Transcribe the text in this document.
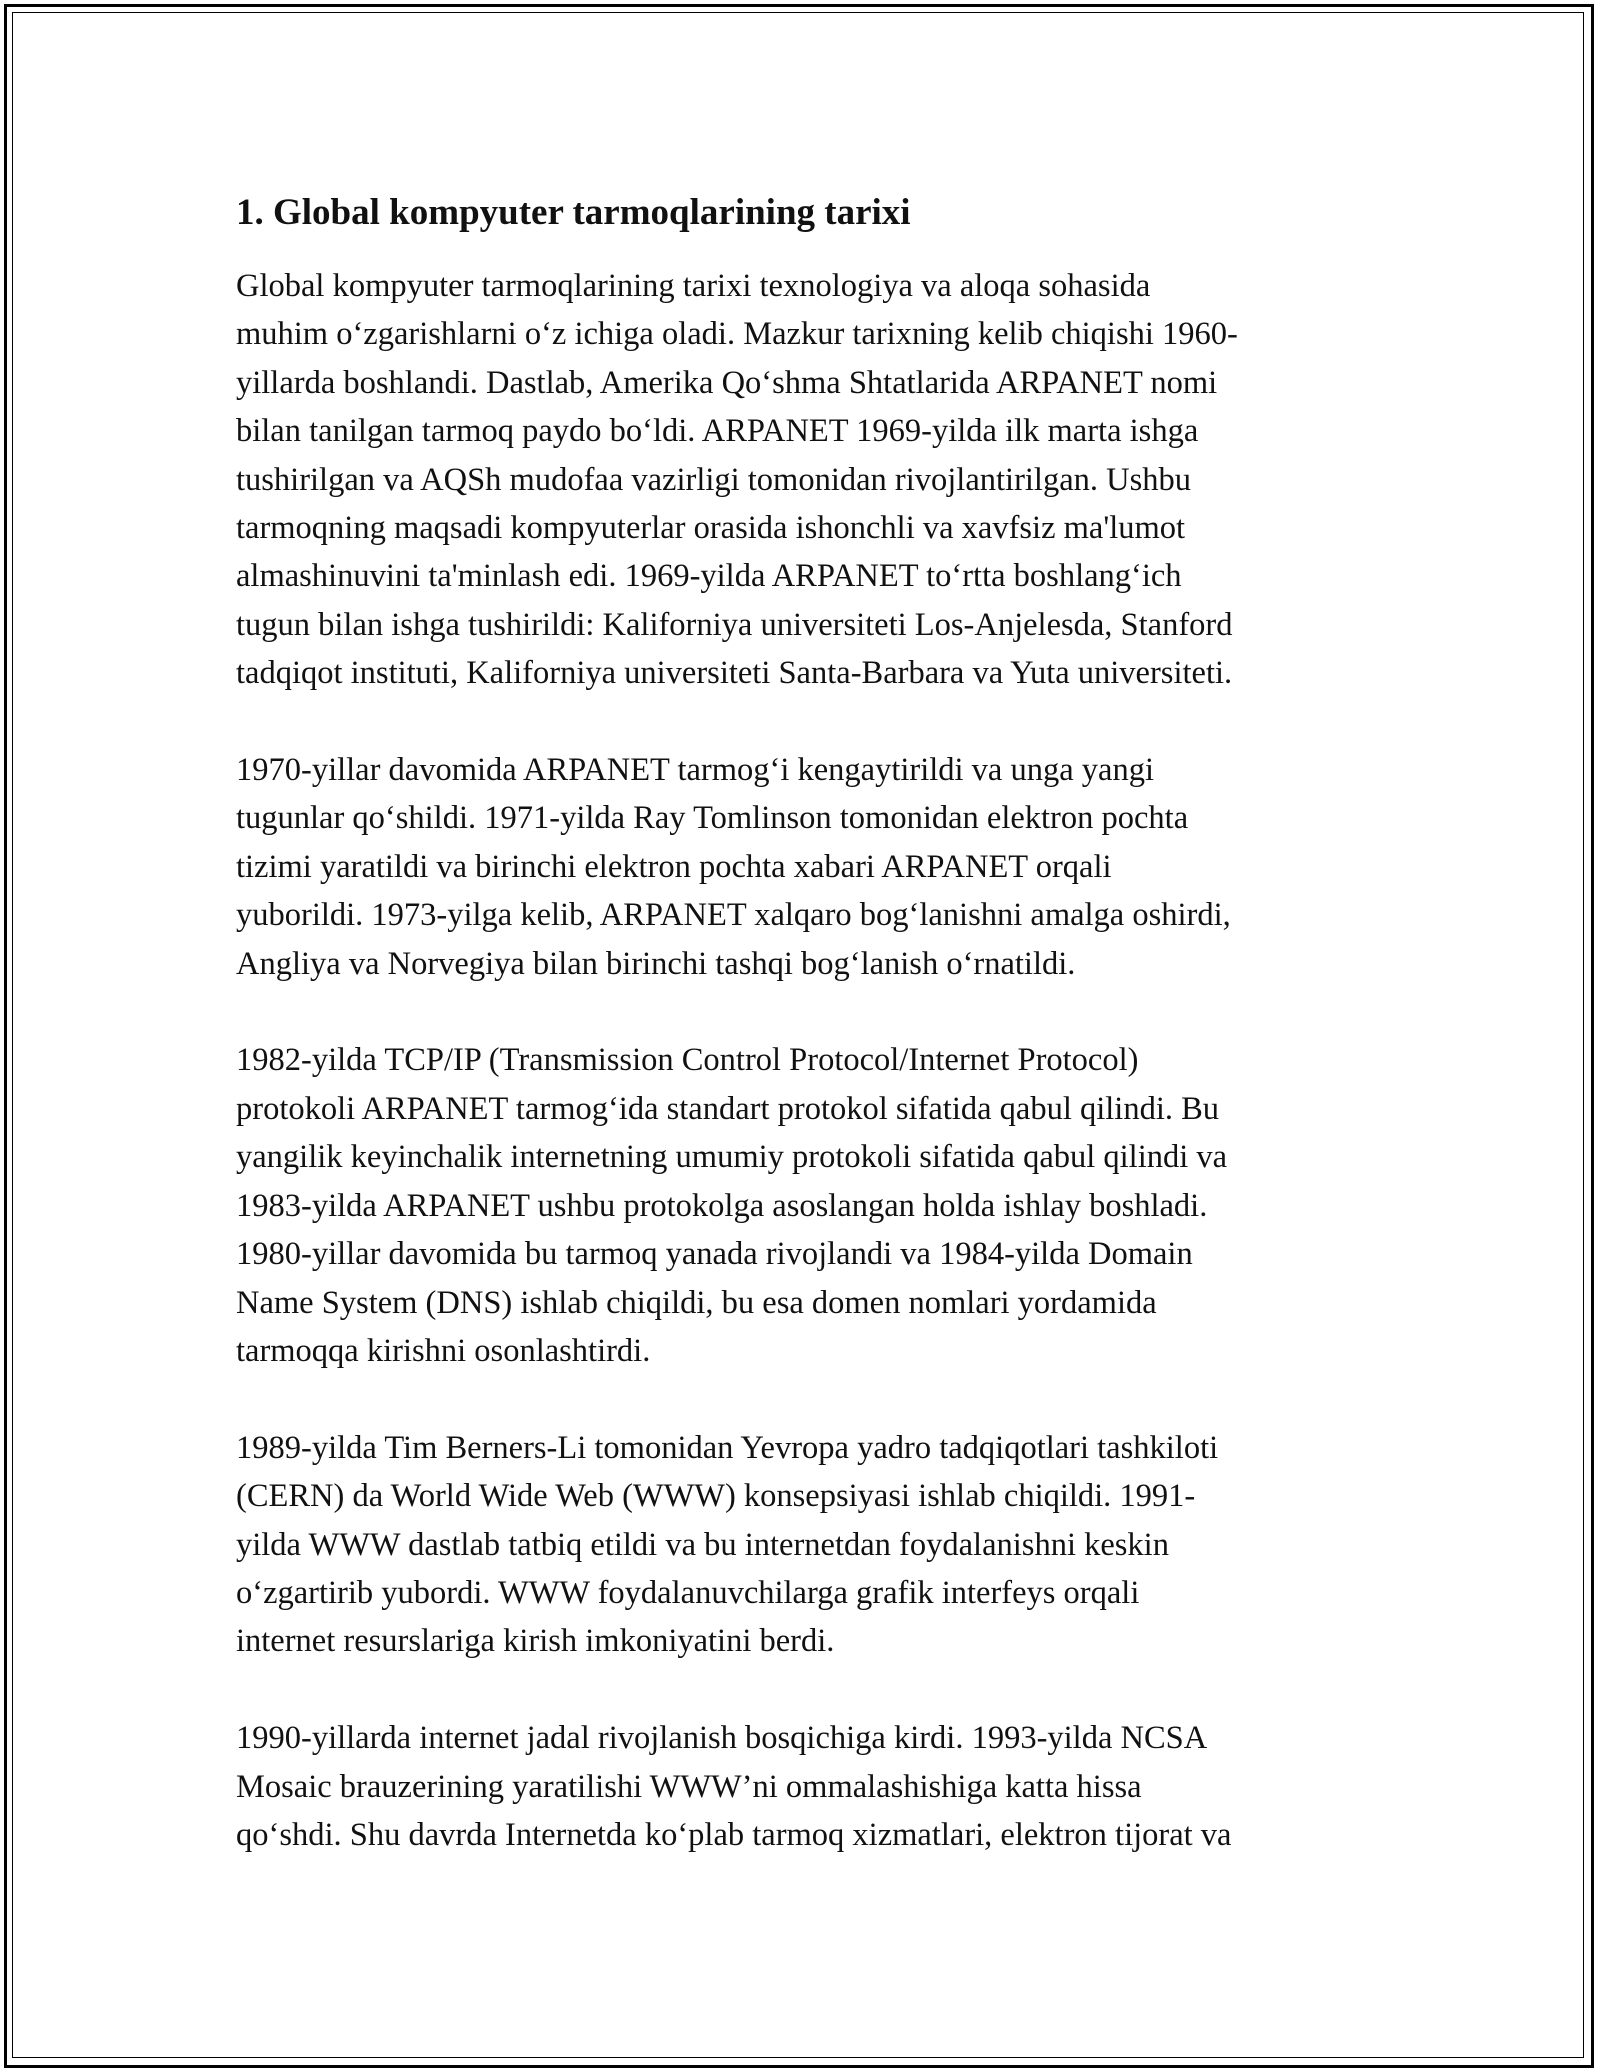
1. Global kompyuter tarmoqlarining tarixi

Global kompyuter tarmoqlarining tarixi texnologiya va aloqa sohasida
muhim o‘zgarishlarni o‘z ichiga oladi. Mazkur tarixning kelib chiqishi 1960-
yillarda boshlandi. Dastlab, Amerika Qo‘shma Shtatlarida ARPANET nomi
bilan tanilgan tarmoq paydo bo‘ldi. ARPANET 1969-yilda ilk marta ishga
tushirilgan va AQSh mudofaa vazirligi tomonidan rivojlantirilgan. Ushbu
tarmoqning maqsadi kompyuterlar orasida ishonchli va xavfsiz ma'lumot
almashinuvini ta'minlash edi. 1969-yilda ARPANET to‘rtta boshlang‘ich
tugun bilan ishga tushirildi: Kaliforniya universiteti Los-Anjelesda, Stanford
tadqiqot instituti, Kaliforniya universiteti Santa-Barbara va Yuta universiteti.

1970-yillar davomida ARPANET tarmog‘i kengaytirildi va unga yangi
tugunlar qo‘shildi. 1971-yilda Ray Tomlinson tomonidan elektron pochta
tizimi yaratildi va birinchi elektron pochta xabari ARPANET orqali
yuborildi. 1973-yilga kelib, ARPANET xalqaro bog‘lanishni amalga oshirdi,
Angliya va Norvegiya bilan birinchi tashqi bog‘lanish o‘rnatildi.

1982-yilda TCP/IP (Transmission Control Protocol/Internet Protocol)
protokoli ARPANET tarmog‘ida standart protokol sifatida qabul qilindi. Bu
yangilik keyinchalik internetning umumiy protokoli sifatida qabul qilindi va
1983-yilda ARPANET ushbu protokolga asoslangan holda ishlay boshladi.
1980-yillar davomida bu tarmoq yanada rivojlandi va 1984-yilda Domain
Name System (DNS) ishlab chiqildi, bu esa domen nomlari yordamida
tarmoqqa kirishni osonlashtirdi.

1989-yilda Tim Berners-Li tomonidan Yevropa yadro tadqiqotlari tashkiloti
(CERN) da World Wide Web (WWW) konsepsiyasi ishlab chiqildi. 1991-
yilda WWW dastlab tatbiq etildi va bu internetdan foydalanishni keskin
o‘zgartirib yubordi. WWW foydalanuvchilarga grafik interfeys orqali
internet resurslariga kirish imkoniyatini berdi.

1990-yillarda internet jadal rivojlanish bosqichiga kirdi. 1993-yilda NCSA
Mosaic brauzerining yaratilishi WWW’ni ommalashishiga katta hissa
qo‘shdi. Shu davrda Internetda ko‘plab tarmoq xizmatlari, elektron tijorat va
